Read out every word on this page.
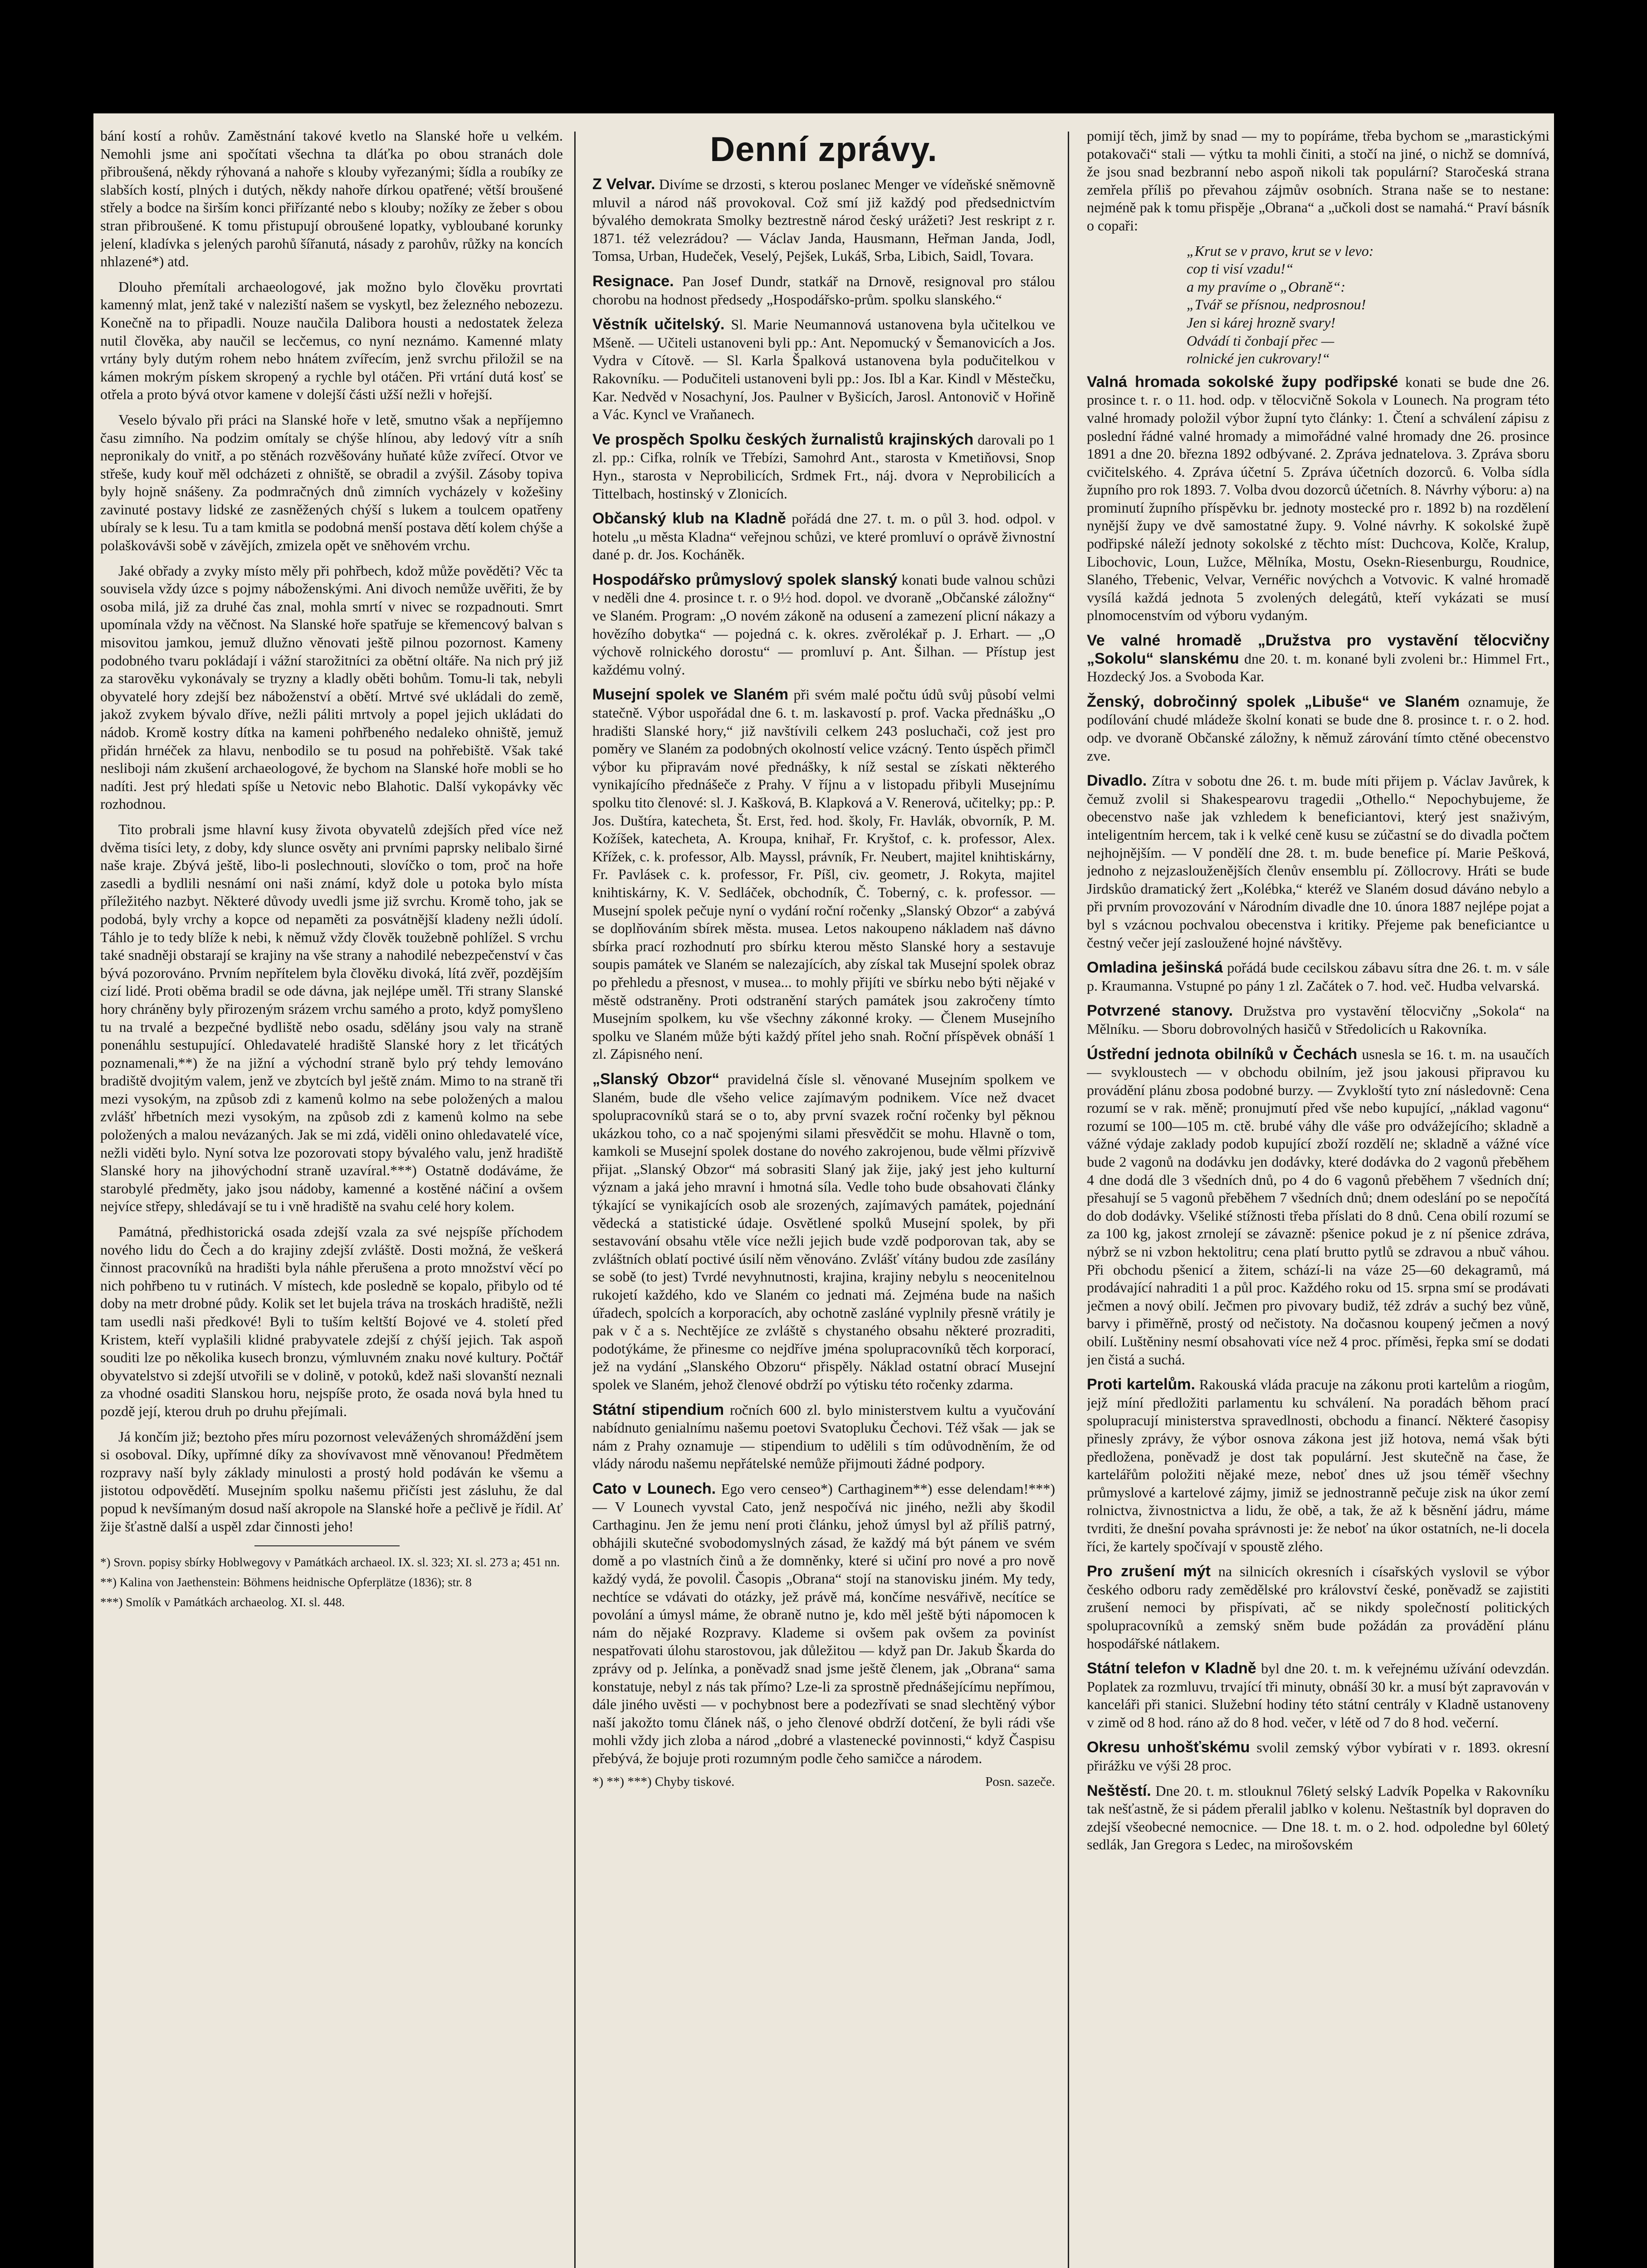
bání kostí a rohův. Zaměstnání takové kvetlo na Slanské hoře u velkém. Nemohli jsme ani spočítati všechna ta dláťka po obou stranách dole přibroušená, někdy rýhovaná a nahoře s klouby vyřezanými; šídla a roubíky ze slabších kostí, plných i dutých, někdy nahoře dírkou opatřené; větší broušené střely a bodce na širším konci přiřízanté nebo s klouby; nožíky ze žeber s obou stran přibroušené. K tomu přistupují obroušené lopatky, vybloubané korunky jelení, kladívka s jelených parohů šířanutá, násady z parohův, růžky na koncích nhlazené*) atd.

Dlouho přemítali archaeologové, jak možno bylo člověku provrtati kamenný mlat, jenž také v naleziští našem se vyskytl, bez železného nebozezu. Konečně na to připadli. Nouze naučila Dalibora housti a nedostatek železa nutil člověka, aby naučil se lecčemus, co nyní neznámo. Kamenné mlaty vrtány byly dutým rohem nebo hnátem zvířecím, jenž svrchu přiložil se na kámen mokrým pískem skropený a rychle byl otáčen. Při vrtání dutá kosť se otřela a proto bývá otvor kamene v dolejší části užší nežli v hořejší.

Veselo bývalo při práci na Slanské hoře v letě, smutno však a nepříjemno času zimního. Na podzim omítaly se chýše hlínou, aby ledový vítr a sníh nepronikaly do vnitř, a po stěnách rozvěšovány huňaté kůže zvířecí. Otvor ve střeše, kudy kouř měl odcházeti z ohniště, se obradil a zvýšil. Zásoby topiva byly hojně snášeny. Za podmračných dnů zimních vycházely v kožešiny zavinuté postavy lidské ze zasněžených chýší s lukem a toulcem opatřeny ubíraly se k lesu. Tu a tam kmitla se podobná menší postava dětí kolem chýše a polaškovávši sobě v závějích, zmizela opět ve sněhovém vrchu.

Jaké obřady a zvyky místo měly při pohřbech, kdož může pověděti? Věc ta souvisela vždy úzce s pojmy náboženskými. Ani divoch nemůže uvěřiti, že by osoba milá, již za druhé čas znal, mohla smrtí v nivec se rozpadnouti. Smrt upomínala vždy na věčnost. Na Slanské hoře spatřuje se křemencový balvan s misovitou jamkou, jemuž dlužno věnovati ještě pilnou pozornost. Kameny podobného tvaru pokládají i vážní starožitníci za obětní oltáře. Na nich prý již za starověku vykonávaly se tryzny a kladly oběti bohům. Tomu-li tak, nebyli obyvatelé hory zdejší bez náboženství a obětí. Mrtvé své ukládali do země, jakož zvykem bývalo dříve, nežli páliti mrtvoly a popel jejich ukládati do nádob. Kromě kostry dítka na kameni pohřbeného nedaleko ohniště, jemuž přidán hrnéček za hlavu, nenbodilo se tu posud na pohřebiště. Však také nesliboji nám zkušení archaeologové, že bychom na Slanské hoře mobli se ho nadíti. Jest prý hledati spíše u Netovic nebo Blahotic. Další vykopávky věc rozhodnou.

Tito probrali jsme hlavní kusy života obyvatelů zdejších před více než dvěma tisíci lety, z doby, kdy slunce osvěty ani prvními paprsky nelibalo širné naše kraje. Zbývá ještě, libo-li poslechnouti, slovíčko o tom, proč na hoře zasedli a bydlili nesnámí oni naši známí, když dole u potoka bylo místa příležitého nazbyt. Některé důvody uvedli jsme již svrchu. Kromě toho, jak se podobá, byly vrchy a kopce od nepaměti za posvátnější kladeny nežli údolí. Táhlo je to tedy blíže k nebi, k němuž vždy člověk toužebně pohlížel. S vrchu také snadněji obstarají se krajiny na vše strany a nahodilé nebezpečenství v čas bývá pozorováno. Prvním nepřítelem byla člověku divoká, lítá zvěř, pozdějším cizí lidé. Proti oběma bradil se ode dávna, jak nejlépe uměl. Tři strany Slanské hory chráněny byly přirozeným srázem vrchu samého a proto, když pomyšleno tu na trvalé a bezpečné bydliště nebo osadu, sdělány jsou valy na straně ponenáhlu sestupující. Ohledavatelé hradiště Slanské hory z let třicátých poznamenali,**) že na jižní a východní straně bylo prý tehdy lemováno bradiště dvojitým valem, jenž ve zbytcích byl ještě znám. Mimo to na straně tři mezi vysokým, na způsob zdi z kamenů kolmo na sebe položených a malou zvlášť hřbetních mezi vysokým, na způsob zdi z kamenů kolmo na sebe položených a malou nevázaných. Jak se mi zdá, viděli onino ohledavatelé více, nežli viděti bylo. Nyní sotva lze pozorovati stopy bývalého valu, jenž hradiště Slanské hory na jihovýchodní straně uzavíral.***) Ostatně dodáváme, že starobylé předměty, jako jsou nádoby, kamenné a kostěné náčiní a ovšem nejvíce střepy, shledávají se tu i vně hradiště na svahu celé hory kolem.

Památná, předhistorická osada zdejší vzala za své nejspíše příchodem nového lidu do Čech a do krajiny zdejší zvláště. Dosti možná, že veškerá činnost pracovníků na hradišti byla náhle přerušena a proto množství věcí po nich pohřbeno tu v rutinách. V místech, kde posledně se kopalo, přibylo od té doby na metr drobné půdy. Kolik set let bujela tráva na troskách hradiště, nežli tam usedli naši předkové! Byli to tuším keltští Bojové ve 4. století před Kristem, kteří vyplašili klidné prabyvatele zdejší z chýší jejich. Tak aspoň souditi lze po několika kusech bronzu, výmluvném znaku nové kultury. Počtář obyvatelstvo si zdejší utvořili se v dolině, v potoků, kdež naši slovanští neznali za vhodné osaditi Slanskou horu, nejspíše proto, že osada nová byla hned tu pozdě její, kterou druh po druhu přejímali.

Já končím již; beztoho přes míru pozornost velevážených shromáždění jsem si osoboval. Díky, upřímné díky za shovívavost mně věnovanou! Předmětem rozpravy naší byly základy minulosti a prostý hold podáván ke všemu a jistotou odpovědětí. Musejním spolku našemu přičísti jest zásluhu, že dal popud k nevšímaným dosud naší akropole na Slanské hoře a pečlivě je řídil. Ať žije šťastně další a uspěl zdar činnosti jeho!

*) Srovn. popisy sbírky Hoblwegovy v Památkách archaeol. IX. sl. 323; XI. sl. 273 a; 451 nn.

**) Kalina von Jaethenstein: Böhmens heidnische Opferplätze (1836); str. 8

***) Smolík v Památkách archaeolog. XI. sl. 448.

Denní zprávy.

Z Velvar. Divíme se drzosti, s kterou poslanec Menger ve vídeňské sněmovně mluvil a národ náš provokoval. Což smí již každý pod předsednictvím bývalého demokrata Smolky beztrestně národ český urážeti? Jest reskript z r. 1871. též velezrádou? — Václav Janda, Hausmann, Heřman Janda, Jodl, Tomsa, Urban, Hudeček, Veselý, Pejšek, Lukáš, Srba, Libich, Saidl, Tovara.

Resignace. Pan Josef Dundr, statkář na Drnově, resignoval pro stálou chorobu na hodnost předsedy „Hospodářsko-prům. spolku slanského.“

Věstník učitelský. Sl. Marie Neumannová ustanovena byla učitelkou ve Mšeně. — Učiteli ustanoveni byli pp.: Ant. Nepomucký v Šemanovicích a Jos. Vydra v Cítově. — Sl. Karla Špalková ustanovena byla podučitelkou v Rakovníku. — Podučiteli ustanoveni byli pp.: Jos. Ibl a Kar. Kindl v Městečku, Kar. Nedvěd v Nosachyní, Jos. Paulner v Byšicích, Jarosl. Antonovič v Hořině a Vác. Kyncl ve Vraňanech.

Ve prospěch Spolku českých žurnalistů krajinských darovali po 1 zl. pp.: Cifka, rolník ve Třebízi, Samohrd Ant., starosta v Kmetiňovsi, Snop Hyn., starosta v Neprobilicích, Srdmek Frt., náj. dvora v Neprobilicích a Tittelbach, hostinský v Zlonicích.

Občanský klub na Kladně pořádá dne 27. t. m. o půl 3. hod. odpol. v hotelu „u města Kladna“ veřejnou schůzi, ve které promluví o oprávě živnostní dané p. dr. Jos. Kocháněk.

Hospodářsko průmyslový spolek slanský konati bude valnou schůzi v neděli dne 4. prosince t. r. o 9½ hod. dopol. ve dvoraně „Občanské záložny“ ve Slaném. Program: „O novém zákoně na odusení a zamezení plicní nákazy a hovězího dobytka“ — pojedná c. k. okres. zvěrolékař p. J. Erhart. — „O výchově rolnického dorostu“ — promluví p. Ant. Šilhan. — Přístup jest každému volný.

Musejní spolek ve Slaném při svém malé počtu údů svůj působí velmi statečně. Výbor uspořádal dne 6. t. m. laskavostí p. prof. Vacka přednášku „O hradišti Slanské hory,“ již navštívili celkem 243 posluchači, což jest pro poměry ve Slaném za podobných okolností velice vzácný. Tento úspěch přimčl výbor ku připravám nové přednášky, k níž sestal se získati některého vynikajícího přednášeče z Prahy. V říjnu a v listopadu přibyli Musejnímu spolku tito členové: sl. J. Kašková, B. Klapková a V. Renerová, učitelky; pp.: P. Jos. Duštíra, katecheta, Št. Erst, řed. hod. školy, Fr. Havlák, obvorník, P. M. Kožíšek, katecheta, A. Kroupa, knihař, Fr. Kryštof, c. k. professor, Alex. Křížek, c. k. professor, Alb. Mayssl, právník, Fr. Neubert, majitel knihtiskárny, Fr. Pavlásek c. k. professor, Fr. Píšl, civ. geometr, J. Rokyta, majitel knihtiskárny, K. V. Sedláček, obchodník, Č. Toberný, c. k. professor. — Musejní spolek pečuje nyní o vydání roční ročenky „Slanský Obzor“ a zabývá se doplňováním sbírek města. musea. Letos nakoupeno nákladem naš dávno sbírka prací rozhodnutí pro sbírku kterou město Slanské hory a sestavuje soupis památek ve Slaném se nalezajících, aby získal tak Musejní spolek obraz po přehledu a přesnost, v musea... to mohly přijíti ve sbírku nebo býti nějaké v městě odstraněny. Proti odstranění starých památek jsou zakročeny tímto Musejním spolkem, ku vše všechny zákonné kroky. — Členem Musejního spolku ve Slaném může býti každý přítel jeho snah. Roční příspěvek obnáší 1 zl. Zápisného není.

„Slanský Obzor“ pravidelná čísle sl. věnované Musejním spolkem ve Slaném, bude dle všeho velice zajímavým podnikem. Více než dvacet spolupracovníků stará se o to, aby první svazek roční ročenky byl pěknou ukázkou toho, co a nač spojenými silami přesvědčit se mohu. Hlavně o tom, kamkoli se Musejní spolek dostane do nového zakrojenou, bude vělmi přízvivě přijat. „Slanský Obzor“ má sobrasiti Slaný jak žije, jaký jest jeho kulturní význam a jaká jeho mravní i hmotná síla. Vedle toho bude obsahovati články týkající se vynikajících osob ale srozených, zajímavých památek, pojednání vědecká a statistické údaje. Osvětlené spolků Musejní spolek, by při sestavování obsahu vtěle více nežli jejich bude vzdě podporovan tak, aby se zvláštních oblatí poctivé úsilí něm věnováno. Zvlášť vítány budou zde zasílány se sobě (to jest) Tvrdé nevyhnutnosti, krajina, krajiny nebylu s neocenitelnou rukojetí každého, kdo ve Slaném co jednati má. Zejména bude na našich úřadech, spolcích a korporacích, aby ochotně zasláné vyplnily přesně vrátily je pak v č a s. Nechtějíce ze zvláště s chystaného obsahu některé prozraditi, podotýkáme, že přinesme co nejdříve jména spolupracovníků těch korporací, jež na vydání „Slanského Obzoru“ přispěly. Náklad ostatní obrací Musejní spolek ve Slaném, jehož členové obdrží po výtisku této ročenky zdarma.

Státní stipendium ročních 600 zl. bylo ministerstvem kultu a vyučování nabídnuto genialnímu našemu poetovi Svatopluku Čechovi. Též však — jak se nám z Prahy oznamuje — stipendium to udělili s tím odůvodněním, že od vlády národu našemu nepřátelské nemůže přijmouti žádné podpory.

Cato v Lounech. Ego vero censeo*) Carthaginem**) esse delendam!***) — V Lounech vyvstal Cato, jenž nespočívá nic jiného, nežli aby škodil Carthaginu. Jen že jemu není proti článku, jehož úmysl byl až příliš patrný, obhájili skutečné svobodomyslných zásad, že každý má být pánem ve svém domě a po vlastních činů a že domněnky, které si učiní pro nové a pro nově každý vydá, že povolil. Časopis „Obrana“ stojí na stanovisku jiném. My tedy, nechtíce se vdávati do otázky, jež právě má, končíme nesvářivě, necítíce se povolání a úmysl máme, že obraně nutno je, kdo měl ještě býti nápomocen k nám do nějaké Rozpravy. Klademe si ovšem pak ovšem za poviníst nespatřovati úlohu starostovou, jak důležitou — když pan Dr. Jakub Škarda do zprávy od p. Jelínka, a poněvadž snad jsme ještě členem, jak „Obrana“ sama konstatuje, nebyl z nás tak přímo? Lze-li za sprostně přednášejícímu nepřímou, dále jiného uvěsti — v pochybnost bere a podezřívati se snad slechtěný výbor naší jakožto tomu článek náš, o jeho členové obdrží dotčení, že byli rádi vše mohli vždy jich zloba a národ „dobré a vlastenecké povinnosti,“ když Časpisu přebývá, že bojuje proti rozumným podle čeho samičce a národem.

*) **) ***) Chyby tiskové.	Posn. sazeče.

pomijí těch, jimž by snad — my to popíráme, třeba bychom se „marastickými potakovači“ stali — výtku ta mohli činiti, a stočí na jiné, o nichž se domnívá, že jsou snad bezbranní nebo aspoň nikoli tak populární? Staročeská strana zemřela příliš po převahou zájmův osobních. Strana naše se to nestane: nejméně pak k tomu přispěje „Obrana“ a „učkoli dost se namahá.“ Praví básník o copaři:

„Krut se v pravo, krut se v levo:
cop ti visí vzadu!“
a my pravíme o „Obraně“:
„Tvář se přísnou, nedprosnou!
Jen si kárej hrozně svary!
Odvádí ti čonbají přec —
rolnické jen cukrovary!“

Valná hromada sokolské župy podřipské konati se bude dne 26. prosince t. r. o 11. hod. odp. v tělocvičně Sokola v Lounech. Na program této valné hromady položil výbor župní tyto články: 1. Čtení a schválení zápisu z poslední řádné valné hromady a mimořádné valné hromady dne 26. prosince 1891 a dne 20. března 1892 odbývané. 2. Zpráva jednatelova. 3. Zpráva sboru cvičitelského. 4. Zpráva účetní 5. Zpráva účetních dozorců. 6. Volba sídla župního pro rok 1893. 7. Volba dvou dozorců účetních. 8. Návrhy výboru: a) na prominutí župního příspěvku br. jednoty mostecké pro r. 1892 b) na rozdělení nynější župy ve dvě samostatné župy. 9. Volné návrhy. K sokolské župě podřipské náleží jednoty sokolské z těchto míst: Duchcova, Kolče, Kralup, Libochovic, Loun, Lužce, Mělníka, Mostu, Osekn-Riesenburgu, Roudnice, Slaného, Třebenic, Velvar, Vernéřic novýchch a Votvovic. K valné hromadě vysílá každá jednota 5 zvolených delegátů, kteří vykázati se musí plnomocenstvím od výboru vydaným.

Ve valné hromadě „Družstva pro vystavění tělocvičny „Sokolu“ slanskému dne 20. t. m. konané byli zvoleni br.: Himmel Frt., Hozdecký Jos. a Svoboda Kar.

Ženský, dobročinný spolek „Libuše“ ve Slaném oznamuje, že podílování chudé mládeže školní konati se bude dne 8. prosince t. r. o 2. hod. odp. ve dvoraně Občanské záložny, k němuž zárování tímto ctěné obecenstvo zve.

Divadlo. Zítra v sobotu dne 26. t. m. bude míti přijem p. Václav Javůrek, k čemuž zvolil si Shakespearovu tragedii „Othello.“ Nepochybujeme, že obecenstvo naše jak vzhledem k beneficiantovi, který jest snaživým, inteligentním hercem, tak i k velké ceně kusu se zúčastní se do divadla počtem nejhojnějším. — V pondělí dne 28. t. m. bude benefice pí. Marie Pešková, jednoho z nejzaslouženějších členův ensemblu pí. Zöllocrovy. Hráti se bude Jirdskůo dramatický žert „Kolébka,“ kteréž ve Slaném dosud dáváno nebylo a při prvním provozování v Národním divadle dne 10. února 1887 nejlépe pojat a byl s vzácnou pochvalou obecenstva i kritiky. Přejeme pak beneficiantce u čestný večer její zasloužené hojné návštěvy.

Omladina ješinská pořádá bude cecilskou zábavu sítra dne 26. t. m. v sále p. Kraumanna. Vstupné po pány 1 zl. Začátek o 7. hod. več. Hudba velvarská.

Potvrzené stanovy. Družstva pro vystavění tělocvičny „Sokola“ na Mělníku. — Sboru dobrovolných hasičů v Středolicích u Rakovníka.

Ústřední jednota obilníků v Čechách usnesla se 16. t. m. na usaučích — svykloustech — v obchodu obilním, jež jsou jakousi připravou ku provádění plánu zbosa podobné burzy. — Zvykloští tyto zní následovně: Cena rozumí se v rak. měně; pronujmutí před vše nebo kupující, „náklad vagonu“ rozumí se 100—105 m. ctě. brubé váhy dle váše pro odvážejícího; skladně a vážné výdaje zaklady podob kupující zboží rozdělí ne; skladně a vážné více bude 2 vagonů na dodávku jen dodávky, které dodávka do 2 vagonů přeběhem 4 dne dodá dle 3 všedních dnů, po 4 do 6 vagonů přeběhem 7 všedních dní; přesahují se 5 vagonů přeběhem 7 všedních dnů; dnem odeslání po se nepočítá do dob dodávky. Všeliké stížnosti třeba příslati do 8 dnů. Cena obilí rozumí se za 100 kg, jakost zrnolejí se závazně: pšenice pokud je z ní pšenice zdráva, nýbrž se ni vzbon hektolitru; cena platí brutto pytlů se zdravou a nbuč váhou. Při obchodu pšenicí a žitem, schází-li na váze 25—60 dekagramů, má prodávající nahraditi 1 a půl proc. Každého roku od 15. srpna smí se prodávati ječmen a nový obilí. Ječmen pro pivovary budiž, též zdráv a suchý bez vůně, barvy i přiměřně, prostý od nečistoty. Na dočasnou koupený ječmen a nový obilí. Luštěniny nesmí obsahovati více než 4 proc. příměsi, řepka smí se dodati jen čistá a suchá.

Proti kartelům. Rakouská vláda pracuje na zákonu proti kartelům a riogům, jejž míní předložiti parlamentu ku schválení. Na poradách běhom prací spolupracují ministerstva spravedlnosti, obchodu a financí. Některé časopisy přinesly zprávy, že výbor osnova zákona jest již hotova, nemá však býti předložena, poněvadž je dost tak populární. Jest skutečně na čase, že kartelářům položiti nějaké meze, neboť dnes už jsou téměř všechny průmyslové a kartelové zájmy, jimiž se jednostranně pečuje zisk na úkor zemí rolnictva, živnostnictva a lidu, že obě, a tak, že až k běsnění jádru, máme tvrditi, že dnešní povaha správnosti je: že neboť na úkor ostatních, ne-li docela říci, že kartely spočívají v spoustě zlého.

Pro zrušení mýt na silnicích okresních i císařských vyslovil se výbor českého odboru rady zemědělské pro království české, poněvadž se zajistiti zrušení nemoci by přispívati, ač se nikdy společností politických spolupracovníků a zemský sněm bude požádán za provádění plánu hospodářské nátlakem.

Státní telefon v Kladně byl dne 20. t. m. k veřejnému užívání odevzdán. Poplatek za rozmluvu, trvající tři minuty, obnáší 30 kr. a musí být zapravován v kanceláři při stanici. Služební hodiny této státní centrály v Kladně ustanoveny v zimě od 8 hod. ráno až do 8 hod. večer, v létě od 7 do 8 hod. večerní.

Okresu unhošťskému svolil zemský výbor vybírati v r. 1893. okresní přirážku ve výši 28 proc.

Neštěstí. Dne 20. t. m. stlouknul 76letý selský Ladvík Popelka v Rakovníku tak nešťastně, že si pádem přeralil jablko v kolenu. Neštastník byl dopraven do zdejší všeobecné nemocnice. — Dne 18. t. m. o 2. hod. odpoledne byl 60letý sedlák, Jan Gregora s Ledec, na mirošovském
